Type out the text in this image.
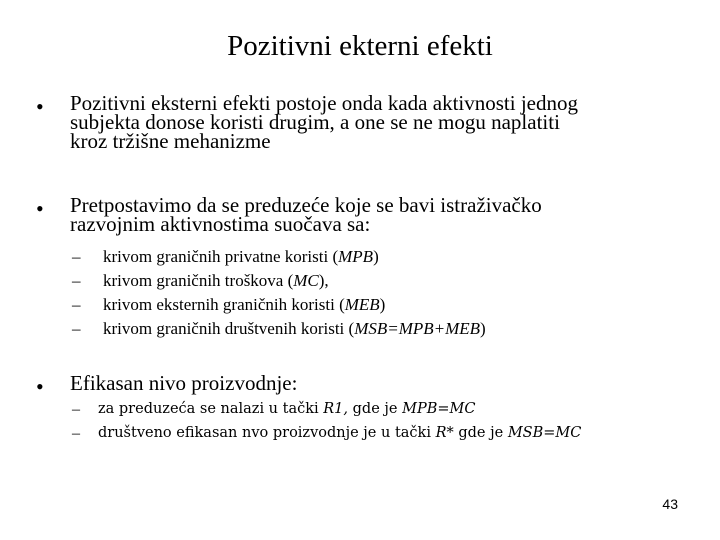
Pozitivni ekterni efekti
• Pozitivni eksterni efekti postoje onda kada aktivnosti jednog
subjekta donose koristi drugim, a one se ne mogu naplatiti
kroz tržišne mehanizme
• Pretpostavimo da se preduzeće koje se bavi istraživačko
razvojnim aktivnostima suočava sa:
– krivom graničnih privatne koristi (MPB)
– krivom graničnih troškova (MC),
– krivom eksternih graničnih koristi (MEB)
– krivom graničnih društvenih koristi (MSB=MPB+MEB)
• Efikasan nivo proizvodnje:
– za preduzeća se nalazi u tački R1, gde je MPB=MC
– društveno efikasan nvo proizvodnje je u tački R* gde je MSB=MC
43
